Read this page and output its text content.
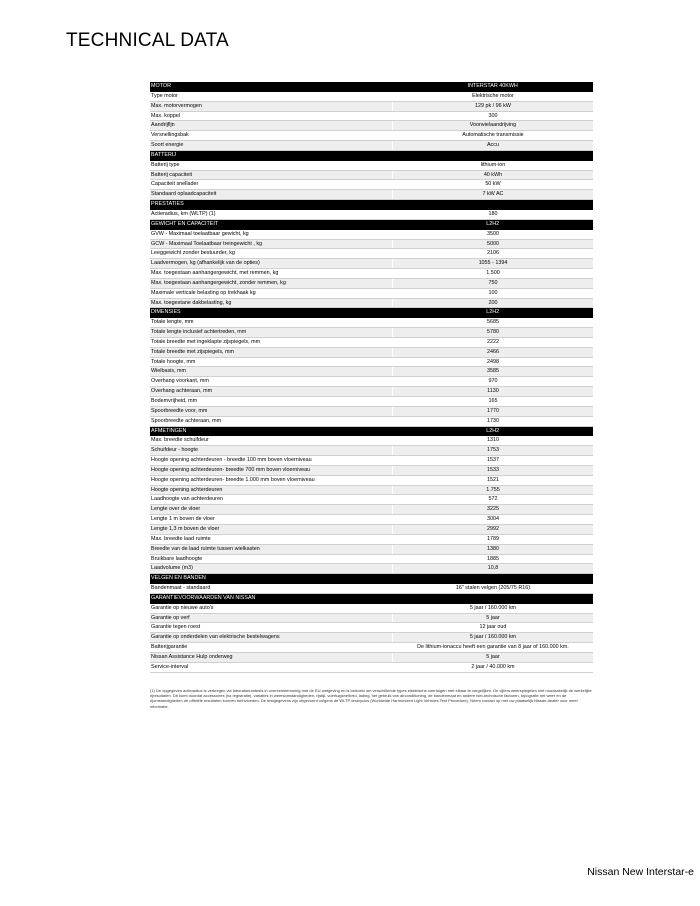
TECHNICAL DATA
MOTOR	INTERSTAR 40KWH
Type motor	Elektrische motor
Max. motorvermogen	129 pk / 96 kW
Max. koppel	300
Aandrijfljn	Voorwielaandrijving
Versnellingsbak	Automatische transmissie
Soort energie	Accu
BATTERIJ
Batterij type	lithium-ion
Batterij capaciteit	40 kWh
Capaciteit snellader	50 kW
Standaard oplaadcapaciteit	7 kW AC
PRESTATIES
Actieradius, km (WLTP) (1)	180
GEWICHT EN CAPACITEIT	L2H2
GVW - Maximaal toelaatbaar gewicht, kg	3500
GCW - Maximaal Toelaatbaar treingewicht , kg	5000
Leeggewicht zonder bestuurder, kg	2106
Laadvermogen, kg (afhankelijk van de opties)	1055 - 1394
Max. toegestaan aanhangergewicht, met remmen, kg	1.500
Max. toegestaan aanhangergewicht, zonder remmen, kg	750
Maximale verticale belasting op trekhaak kg	100
Max. toegestane dakbelasting, kg	200
DIMENSIES	L2H2
Totale lengte, mm	5685
Totale lengte inclusief achtertreden, mm	5780
Totale breedte met ingeklapte zijspiegels, mm	2222
Totale breedte met zijspiegels, mm	2466
Totale hoogte, mm	2498
Wielbasis, mm	3585
Overhang voorkant, mm	970
Overhang achteraan, mm	1130
Bodemvrijheid, mm	165
Spoorbreedte voor, mm	1770
Spoorbreedte achteraan, mm	1730
AFMETINGEN	L2H2
Max. breedte schuifdeur	1310
Schuifdeur - hoogte	1753
Hoogte opening achterdeuren - breedte 100 mm boven vloerniveau	1537
Hoogte opening achterdeuren- breedte 700 mm boven vloerniveau	1533
Hoogte opening achterdeuren- breedte 1.000 mm boven vloerniveau	1521
Hoogte opening achterdeuren	1.755
Laadhoogte van achterdeuren	572
Lengte over de vloer	3225
Lengte 1 m boven de vloer	3004
Lengte 1,3 m boven de vloer	2992
Max. breedte laad ruimte	1789
Breedte van de laad ruimte tussen wielkasten	1380
Bruikbare laadhoogte	1885
Laadvolume (m3)	10,8
VELGEN EN BANDEN
Bandenmaat - standaard	16" stalen velgen (205/75 R16)
GARANTIEVOORWAARDEN VAN NISSAN
Garantie op nieuwe auto's	5 jaar / 160.000 km
Garantie op verf	5 jaar
Garantie tegen roest	12 jaar oud
Garantie op onderdelen van elektrische bestelwagens	5 jaar / 160.000 km
Batterijgarantie	De lithium-ionaccu heeft een garantie van 8 jaar of 160.000 km.
Nissan Assistance Hulp onderweg	5 jaar
Service-interval	2 jaar / 40.000 km
(1) De opgegeven actieradius is verkregen via laboratoriumtests in overeenstemming met de EU-wetgeving en is bedoeld om verschillende types elektrische voertuigen met elkaar te vergelijken. De cijfers weerspiegelen niet noodzakelijk de werkelijke rijresultaten. Dit komt doordat accessoires (na registratie), variaties in weersomstandigheden, rijstijl, voertuigsnelheid, lading, het gebruik van airconditioning, de bandenmaat en andere niet-technische factoren, topografie het weer en de rijomstandigheden de officiële resultaten kunnen beïnvloeden. De testgegevens zijn uitgevoerd volgens de WLTP-testcyclus (Worldwide Harmonized Light Vehicles Test Procedure). Neem contact op met uw plaatselijk Nissan-dealer voor meer informatie.
Nissan New Interstar-e
